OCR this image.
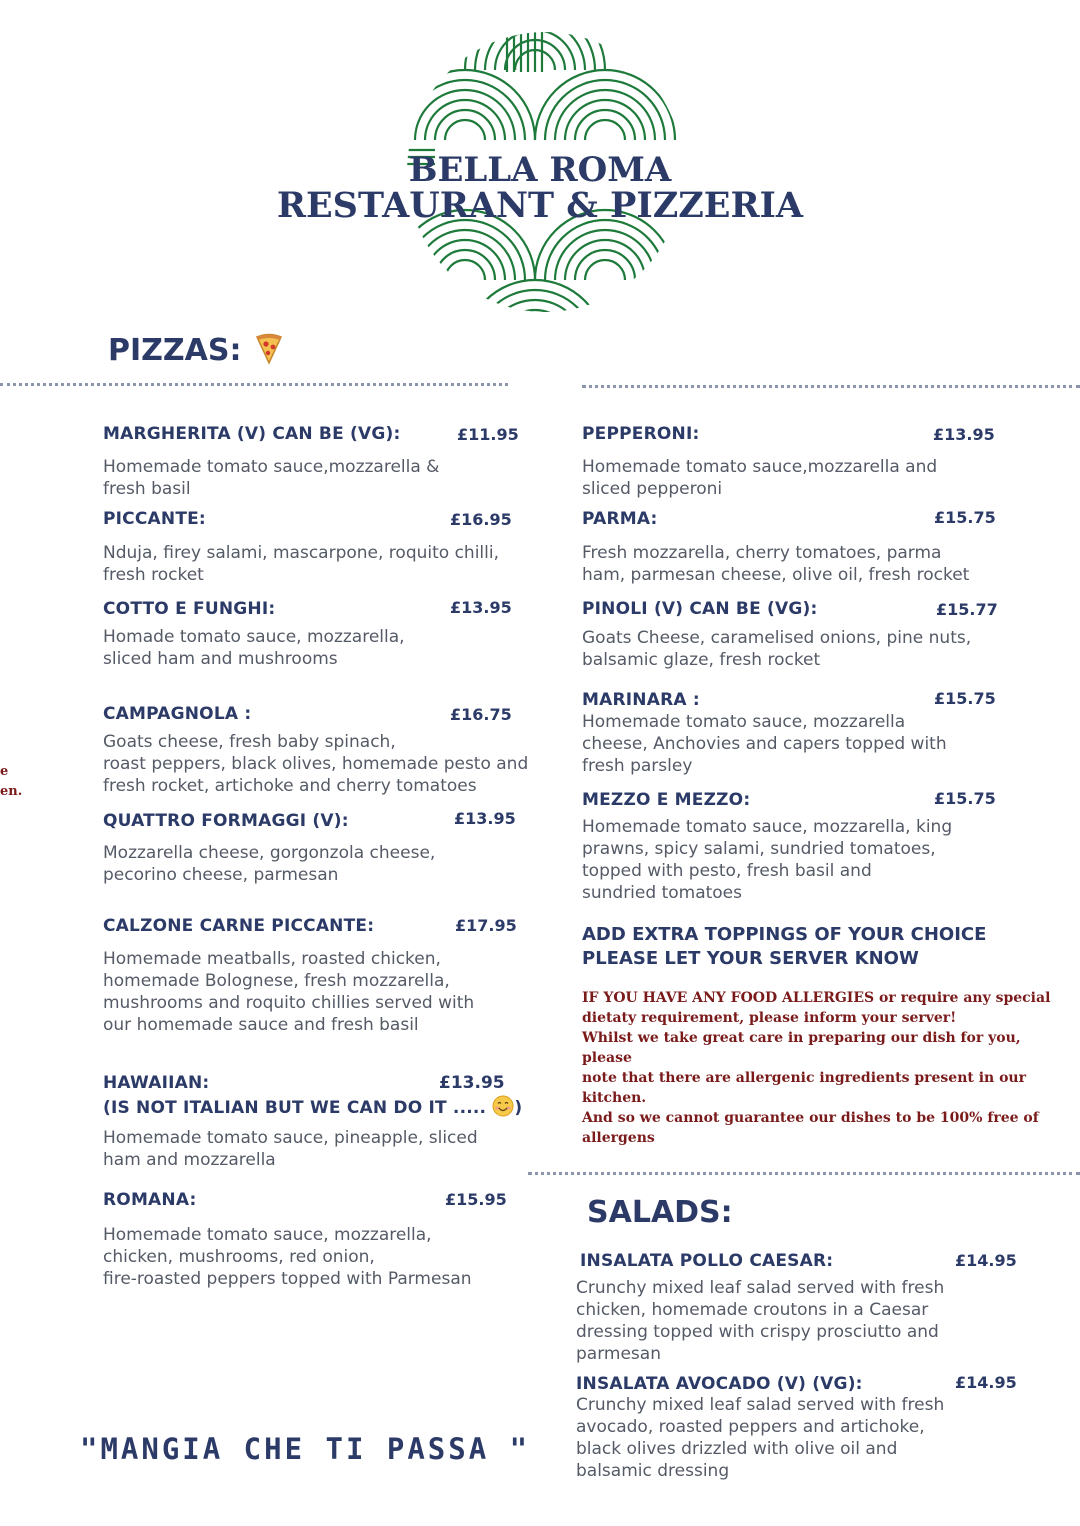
BELLA ROMA
RESTAURANT & PIZZERIA
e
en.
PIZZAS:
MARGHERITA (V) CAN BE (VG):	£11.95
Homemade tomato sauce,mozzarella &
fresh basil
PICCANTE:	£16.95
Nduja, firey salami, mascarpone, roquito chilli,
fresh rocket
COTTO E FUNGHI:	£13.95
Homade tomato sauce, mozzarella,
sliced ham and mushrooms
CAMPAGNOLA :	£16.75
Goats cheese, fresh baby spinach,
roast peppers, black olives, homemade pesto and
fresh rocket, artichoke and cherry tomatoes
QUATTRO FORMAGGI (V):	£13.95
Mozzarella cheese, gorgonzola cheese,
pecorino cheese, parmesan
CALZONE CARNE PICCANTE:	£17.95
Homemade meatballs, roasted chicken,
homemade Bolognese, fresh mozzarella,
mushrooms and roquito chillies served with
our homemade sauce and fresh basil
HAWAIIAN:	£13.95
(IS NOT ITALIAN BUT WE CAN DO IT ..... )
Homemade tomato sauce, pineapple, sliced
ham and mozzarella
ROMANA:	£15.95
Homemade tomato sauce, mozzarella,
chicken, mushrooms, red onion,
fire-roasted peppers topped with Parmesan
PEPPERONI:	£13.95
Homemade tomato sauce,mozzarella and
sliced pepperoni
PARMA:	£15.75
Fresh mozzarella, cherry tomatoes, parma
ham, parmesan cheese, olive oil, fresh rocket
PINOLI (V) CAN BE (VG):	£15.77
Goats Cheese, caramelised onions, pine nuts,
balsamic glaze, fresh rocket
MARINARA :	£15.75
Homemade tomato sauce, mozzarella
cheese, Anchovies and capers topped with
fresh parsley
MEZZO E MEZZO:	£15.75
Homemade tomato sauce, mozzarella, king
prawns, spicy salami, sundried tomatoes,
topped with pesto, fresh basil and
sundried tomatoes
ADD EXTRA TOPPINGS OF YOUR CHOICE
PLEASE LET YOUR SERVER KNOW
IF YOU HAVE ANY FOOD ALLERGIES or require any special
dietaty requirement, please inform your server!
Whilst we take great care in preparing our dish for you, please
note that there are allergenic ingredients present in our kitchen.
And so we cannot guarantee our dishes to be 100% free of
allergens
SALADS:
INSALATA POLLO CAESAR:	£14.95
Crunchy mixed leaf salad served with fresh
chicken, homemade croutons in a Caesar
dressing topped with crispy prosciutto and
parmesan
INSALATA AVOCADO (V) (VG):	£14.95
Crunchy mixed leaf salad served with fresh
avocado, roasted peppers and artichoke,
black olives drizzled with olive oil and
balsamic dressing
"MANGIA CHE TI PASSA "
